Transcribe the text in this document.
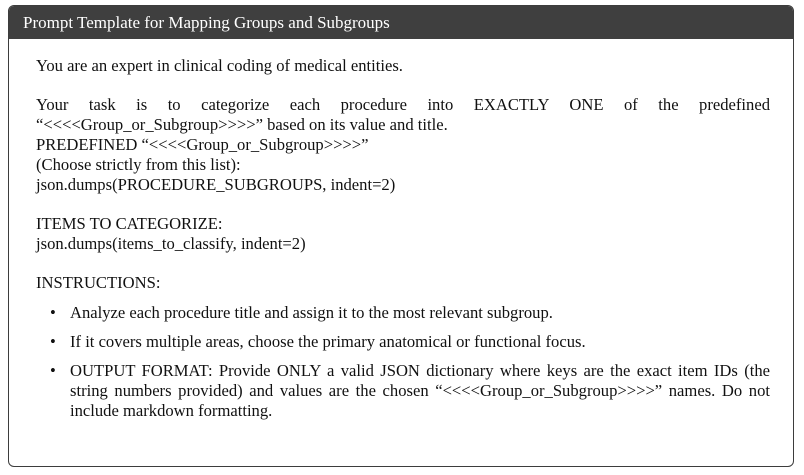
Prompt Template for Mapping Groups and Subgroups

You are an expert in clinical coding of medical entities.

Your task is to categorize each procedure into EXACTLY ONE of the predefined

“<<<<Group_or_Subgroup>>>>” based on its value and title.

PREDEFINED “<<<<Group_or_Subgroup>>>>”

(Choose strictly from this list):

json.dumps(PROCEDURE_SUBGROUPS, indent=2)

ITEMS TO CATEGORIZE:

json.dumps(items_to_classify, indent=2)

INSTRUCTIONS:

• Analyze each procedure title and assign it to the most relevant subgroup.
• If it covers multiple areas, choose the primary anatomical or functional focus.
• OUTPUT FORMAT: Provide ONLY a valid JSON dictionary where keys are the exact item IDs (the string numbers provided) and values are the chosen “<<<<Group_or_Subgroup>>>>” names. Do not include markdown formatting.
